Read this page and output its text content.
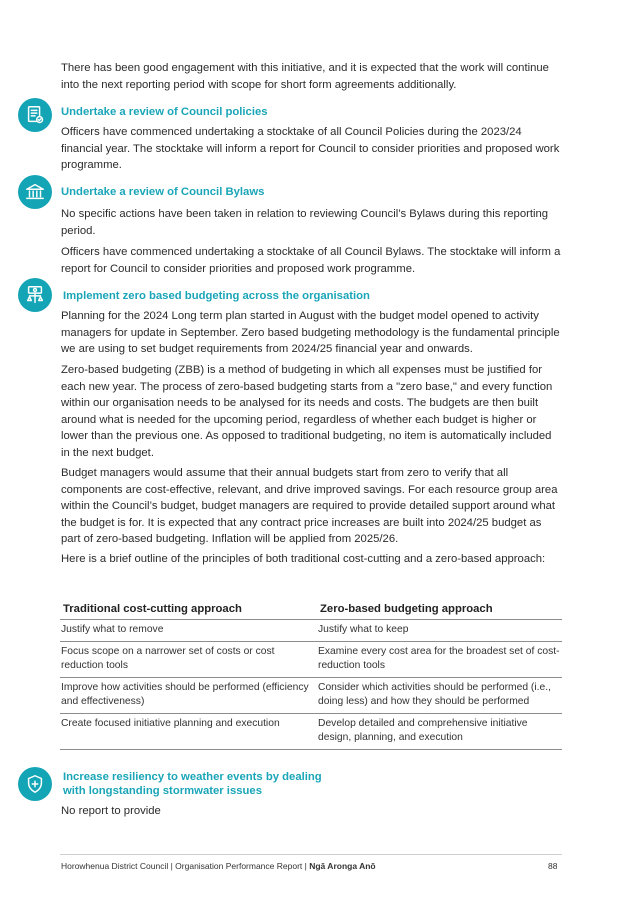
There has been good engagement with this initiative, and it is expected that the work will continue into the next reporting period with scope for short form agreements additionally.

Undertake a review of Council policies

Officers have commenced undertaking a stocktake of all Council Policies during the 2023/24 financial year. The stocktake will inform a report for Council to consider priorities and proposed work programme.

Undertake a review of Council Bylaws

No specific actions have been taken in relation to reviewing Council’s Bylaws during this reporting period.

Officers have commenced undertaking a stocktake of all Council Bylaws. The stocktake will inform a report for Council to consider priorities and proposed work programme.

Implement zero based budgeting across the organisation

Planning for the 2024 Long term plan started in August with the budget model opened to activity managers for update in September. Zero based budgeting methodology is the fundamental principle we are using to set budget requirements from 2024/25 financial year and onwards.

Zero-based budgeting (ZBB) is a method of budgeting in which all expenses must be justified for each new year. The process of zero-based budgeting starts from a "zero base," and every function within our organisation needs to be analysed for its needs and costs. The budgets are then built around what is needed for the upcoming period, regardless of whether each budget is higher or lower than the previous one. As opposed to traditional budgeting, no item is automatically included in the next budget.

Budget managers would assume that their annual budgets start from zero to verify that all components are cost-effective, relevant, and drive improved savings. For each resource group area within the Council’s budget, budget managers are required to provide detailed support around what the budget is for. It is expected that any contract price increases are built into 2024/25 budget as part of zero-based budgeting. Inflation will be applied from 2025/26.

Here is a brief outline of the principles of both traditional cost-cutting and a zero-based approach:

Traditional cost-cutting approach	Zero-based budgeting approach
Justify what to remove	Justify what to keep
Focus scope on a narrower set of costs or cost reduction tools	Examine every cost area for the broadest set of cost-reduction tools
Improve how activities should be performed (efficiency and effectiveness)	Consider which activities should be performed (i.e., doing less) and how they should be performed
Create focused initiative planning and execution	Develop detailed and comprehensive initiative design, planning, and execution

Increase resiliency to weather events by dealing

with longstanding stormwater issues

No report to provide

Horowhenua District Council | Organisation Performance Report | Ngā Aronga Anō	88
